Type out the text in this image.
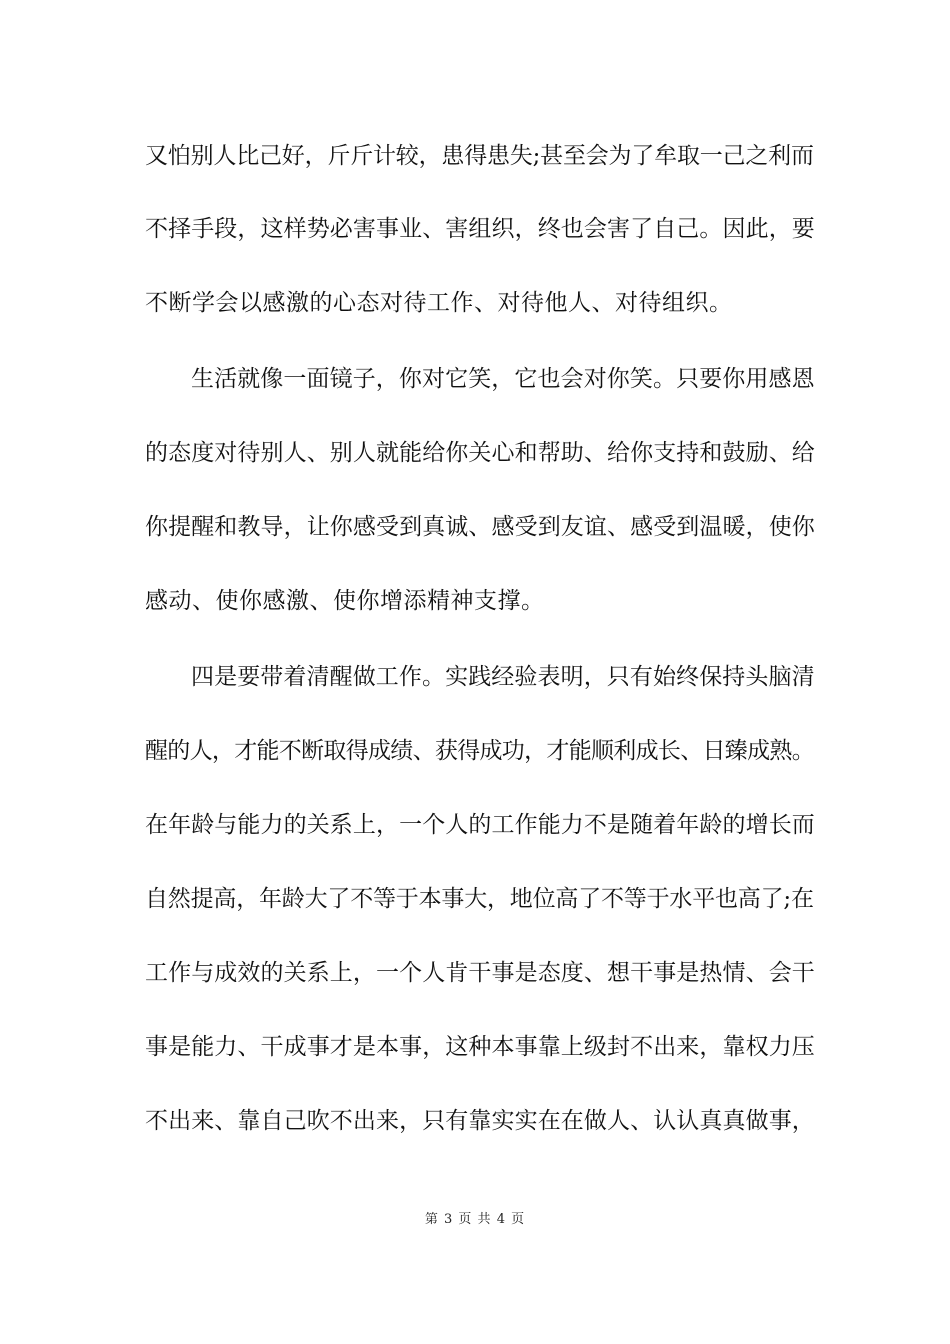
又怕别人比己好，斤斤计较，患得患失;甚至会为了牟取一己之利而
不择手段，这样势必害事业、害组织，终也会害了自己。因此，要
不断学会以感激的心态对待工作、对待他人、对待组织。
生活就像一面镜子，你对它笑，它也会对你笑。只要你用感恩
的态度对待别人、别人就能给你关心和帮助、给你支持和鼓励、给
你提醒和教导，让你感受到真诚、感受到友谊、感受到温暖，使你
感动、使你感激、使你增添精神支撑。
四是要带着清醒做工作。实践经验表明，只有始终保持头脑清
醒的人，才能不断取得成绩、获得成功，才能顺利成长、日臻成熟。
在年龄与能力的关系上，一个人的工作能力不是随着年龄的增长而
自然提高，年龄大了不等于本事大，地位高了不等于水平也高了;在
工作与成效的关系上，一个人肯干事是态度、想干事是热情、会干
事是能力、干成事才是本事，这种本事靠上级封不出来，靠权力压
不出来、靠自己吹不出来，只有靠实实在在做人、认认真真做事，
第 3 页 共 4 页
